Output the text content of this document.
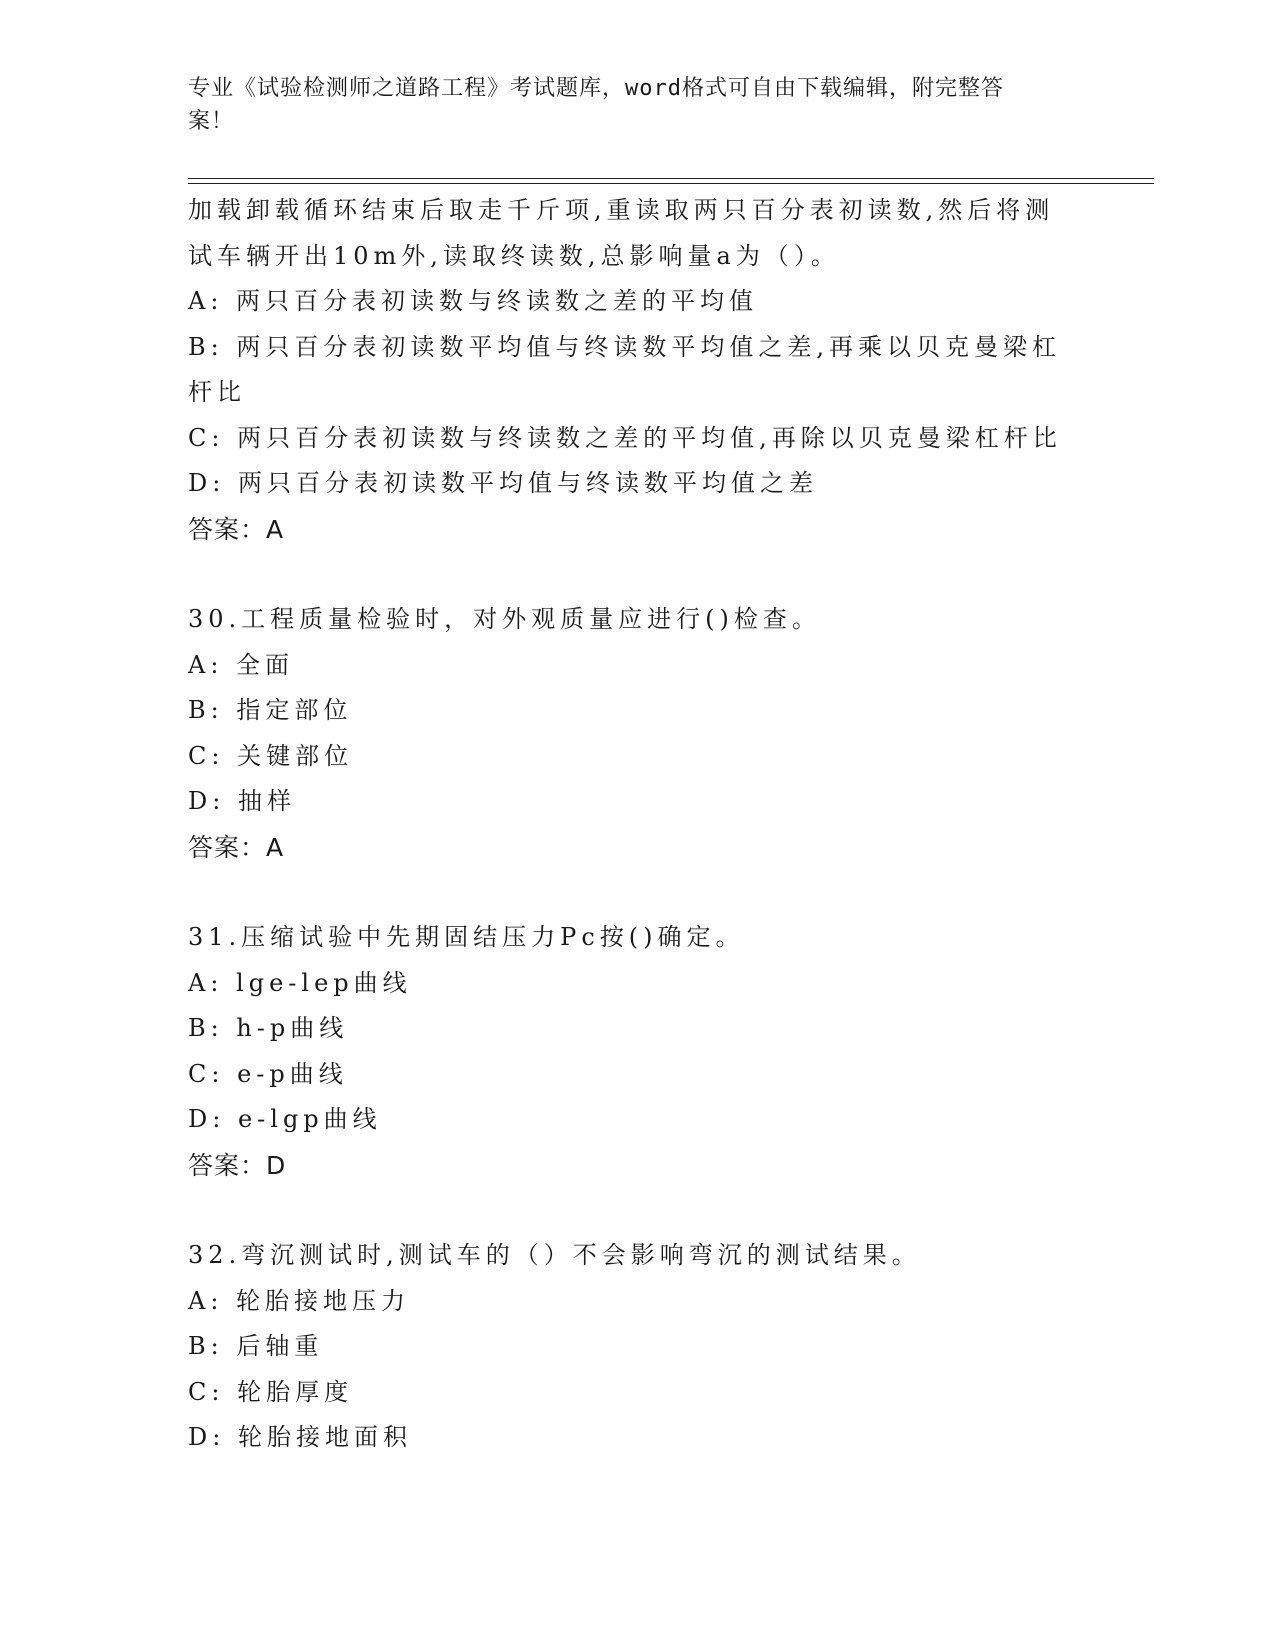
专业《试验检测师之道路工程》考试题库，word格式可自由下载编辑，附完整答
案！
加载卸载循环结束后取走千斤项,重读取两只百分表初读数,然后将测
试车辆开出10m外,读取终读数,总影响量a为（）。
A: 两只百分表初读数与终读数之差的平均值
B: 两只百分表初读数平均值与终读数平均值之差,再乘以贝克曼梁杠
杆比
C: 两只百分表初读数与终读数之差的平均值,再除以贝克曼梁杠杆比
D: 两只百分表初读数平均值与终读数平均值之差
答案：A
30.工程质量检验时，对外观质量应进行()检查。
A: 全面
B: 指定部位
C: 关键部位
D: 抽样
答案：A
31.压缩试验中先期固结压力Pc按()确定。
A: lge-lep曲线
B: h-p曲线
C: e-p曲线
D: e-lgp曲线
答案：D
32.弯沉测试时,测试车的（）不会影响弯沉的测试结果。
A: 轮胎接地压力
B: 后轴重
C: 轮胎厚度
D: 轮胎接地面积
